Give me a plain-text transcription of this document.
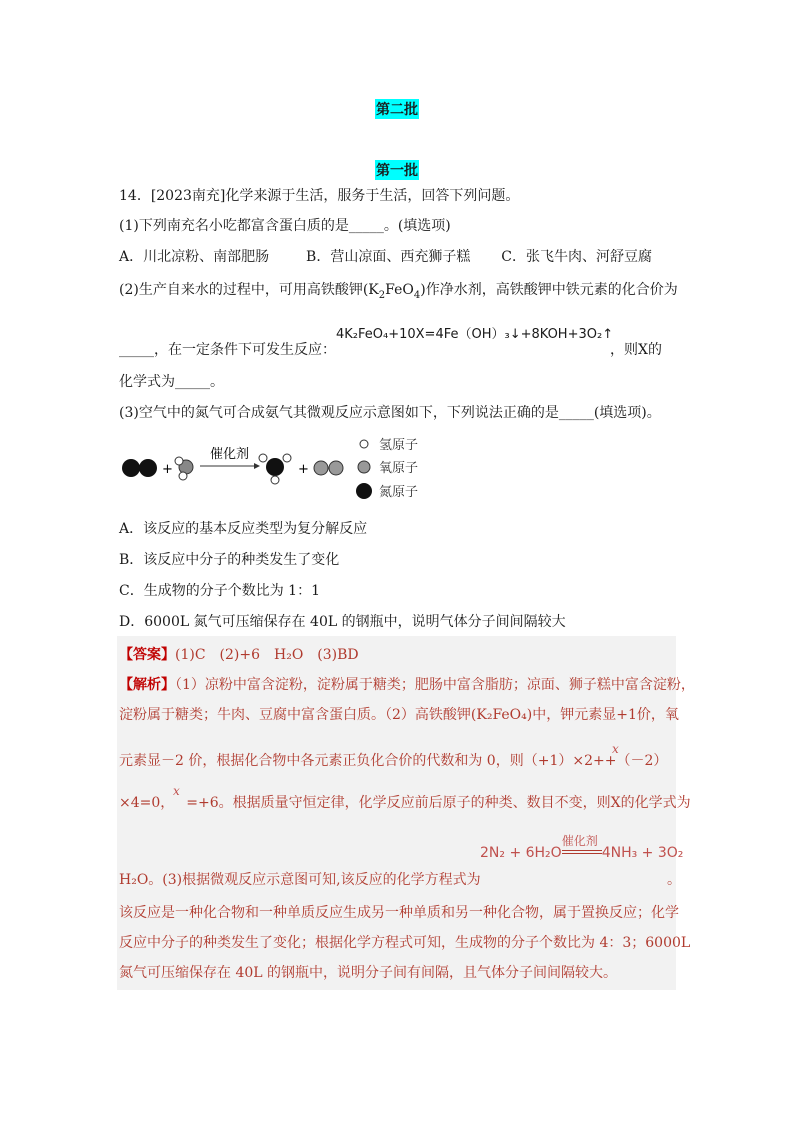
第二批
第一批
14．[2023南充]化学来源于生活，服务于生活，回答下列问题。
(1)下列南充名小吃都富含蛋白质的是_____。(填选项)
A．川北凉粉、南部肥肠	B．营山凉面、西充狮子糕 C．张飞牛肉、河舒豆腐
(2)生产自来水的过程中，可用高铁酸钾$(K_2FeO_4)$作净水剂，高铁酸钾中铁元素的化合价为
4K₂FeO₄+10X=4Fe（OH）₃↓+8KOH+3O₂↑
_____，在一定条件下可发生反应：	，则X的
化学式为_____。
(3)空气中的氮气可合成氨气其微观反应示意图如下，下列说法正确的是_____(填选项)。
+
催化剂
+
氢原子
氧原子
氮原子
A．该反应的基本反应类型为复分解反应
B．该反应中分子的种类发生了变化
C．生成物的分子个数比为 1：1
D．6000L 氮气可压缩保存在 40L 的钢瓶中，说明气体分子间间隔较大
【答案】(1)C　(2)+6　H₂O　(3)BD
【解析】（1）凉粉中富含淀粉，淀粉属于糖类；肥肠中富含脂肪；凉面、狮子糕中富含淀粉，
淀粉属于糖类；牛肉、豆腐中富含蛋白质。（2）高铁酸钾(K₂FeO₄)中，钾元素显+1价，氧
元素显－2 价，根据化合物中各元素正负化合价的代数和为 0，则（+1）×2++（－2）
x
×4=0， =+6。根据质量守恒定律，化学反应前后原子的种类、数目不变，则X的化学式为
x
2N₂ + 6H₂O
催化剂
4NH₃ + 3O₂
H₂O。(3)根据微观反应示意图可知,该反应的化学方程式为	。
该反应是一种化合物和一种单质反应生成另一种单质和另一种化合物，属于置换反应；化学
反应中分子的种类发生了变化；根据化学方程式可知，生成物的分子个数比为 4：3；6000L
氮气可压缩保存在 40L 的钢瓶中，说明分子间有间隔，且气体分子间间隔较大。
